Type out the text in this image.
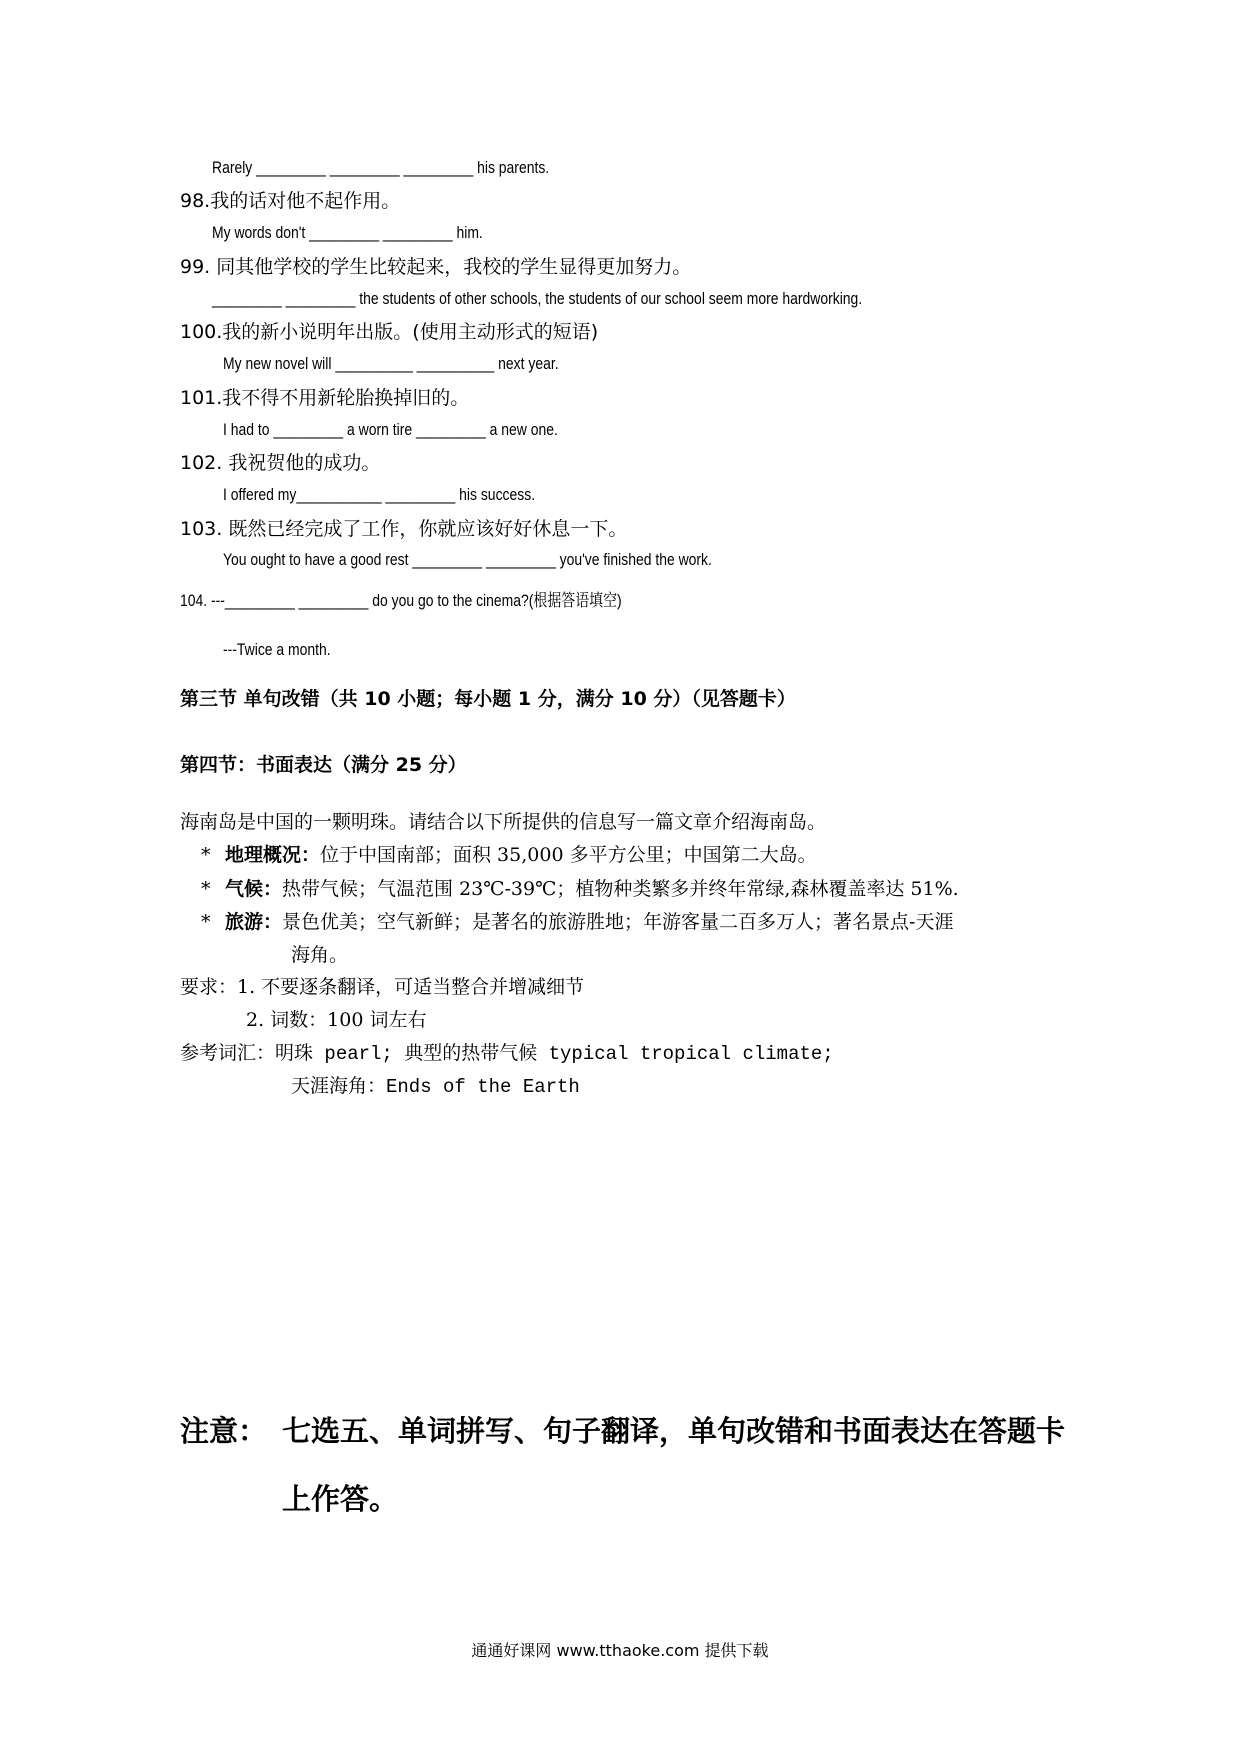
Rarely _________ _________ _________ his parents.
98.我的话对他不起作用。
My words don't _________ _________ him.
99. 同其他学校的学生比较起来，我校的学生显得更加努力。
_________ _________ the students of other schools, the students of our school seem more hardworking.
100.我的新小说明年出版。(使用主动形式的短语)
My new novel will __________ __________ next year.
101.我不得不用新轮胎换掉旧的。
I had to _________ a worn tire _________ a new one.
102. 我祝贺他的成功。
I offered my___________ _________ his success.
103. 既然已经完成了工作，你就应该好好休息一下。
You ought to have a good rest _________ _________ you've finished the work.
104. ---_________ _________ do you go to the cinema?(根据答语填空)
---Twice a month.
第三节 单句改错（共 10 小题；每小题 1 分，满分 10 分）（见答题卡）
第四节：书面表达（满分 25 分）
海南岛是中国的一颗明珠。请结合以下所提供的信息写一篇文章介绍海南岛。
* 地理概况：位于中国南部；面积 35,000 多平方公里；中国第二大岛。
* 气候：热带气候；气温范围 23℃-39℃；植物种类繁多并终年常绿,森林覆盖率达 51%.
* 旅游：景色优美；空气新鲜；是著名的旅游胜地；年游客量二百多万人；著名景点-天涯
海角。
要求：1. 不要逐条翻译，可适当整合并增减细节
2. 词数：100 词左右
参考词汇：明珠 pearl; 典型的热带气候 typical tropical climate;
天涯海角：Ends of the Earth
注意： 七选五、单词拼写、句子翻译，单句改错和书面表达在答题卡
上作答。
通通好课网 www.tthaoke.com 提供下载
